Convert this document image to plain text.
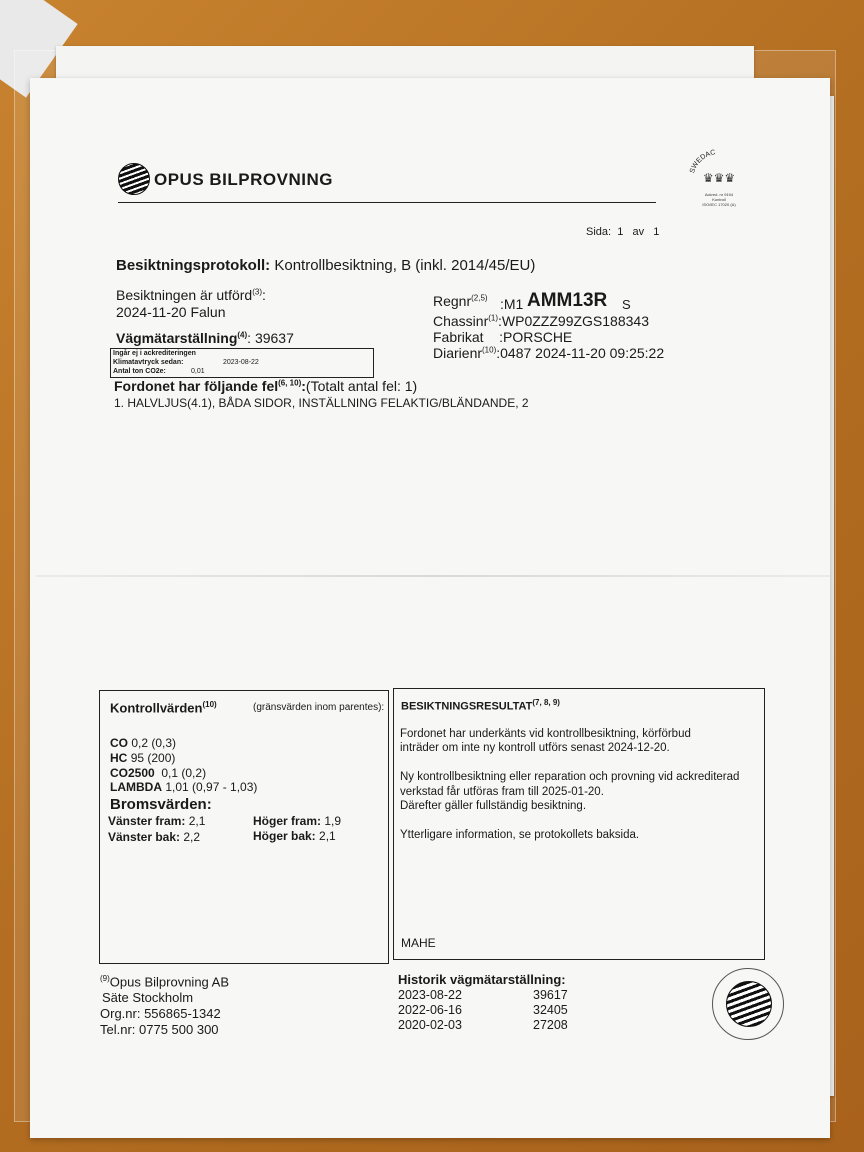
OPUS BILPROVNING	SWEDAC
♛♛♛
Ackred. nr 9194
Kontroll
ISO/IEC 17020 (A)
Sida: 1 av 1
Besiktningsprotokoll: Kontrollbesiktning, B (inkl. 2014/45/EU)
Besiktningen är utförd$^{(3)}$:
2024-11-20 Falun
Vägmätarställning$^{(4)}$: 39637
Ingår ej i ackrediteringen
Klimatavtryck sedan:	2023-08-22
Antal ton CO2e:	0,01
Regnr$^{(2,5)}$ :M1 AMM13R S
Chassinr$^{(1)}$:WP0ZZZ99ZGS188343
Fabrikat :PORSCHE
Diarienr$^{(10)}$:0487 2024-11-20 09:25:22
Fordonet har följande fel$^{(6, 10)}$:(Totalt antal fel: 1)
1. HALVLJUS(4.1), BÅDA SIDOR, INSTÄLLNING FELAKTIG/BLÄNDANDE, 2
Kontrollvärden$^{(10)}$	(gränsvärden inom parentes):
CO 0,2 (0,3)
HC 95 (200)
CO2500 0,1 (0,2)
LAMBDA 1,01 (0,97 - 1,03)
Bromsvärden:
Vänster fram: 2,1	Höger fram: 1,9
Vänster bak: 2,2	Höger bak: 2,1
BESIKTNINGSRESULTAT$^{(7, 8, 9)}$
Fordonet har underkänts vid kontrollbesiktning, körförbud
inträder om inte ny kontroll utförs senast 2024-12-20.
Ny kontrollbesiktning eller reparation och provning vid ackrediterad
verkstad får utföras fram till 2025-01-20.
Därefter gäller fullständig besiktning.
Ytterligare information, se protokollets baksida.
MAHE
$^{(9)}$Opus Bilprovning AB
Säte Stockholm
Org.nr: 556865-1342
Tel.nr: 0775 500 300
Historik vägmätarställning:
2023-08-22	39617
2022-06-16	32405
2020-02-03	27208
